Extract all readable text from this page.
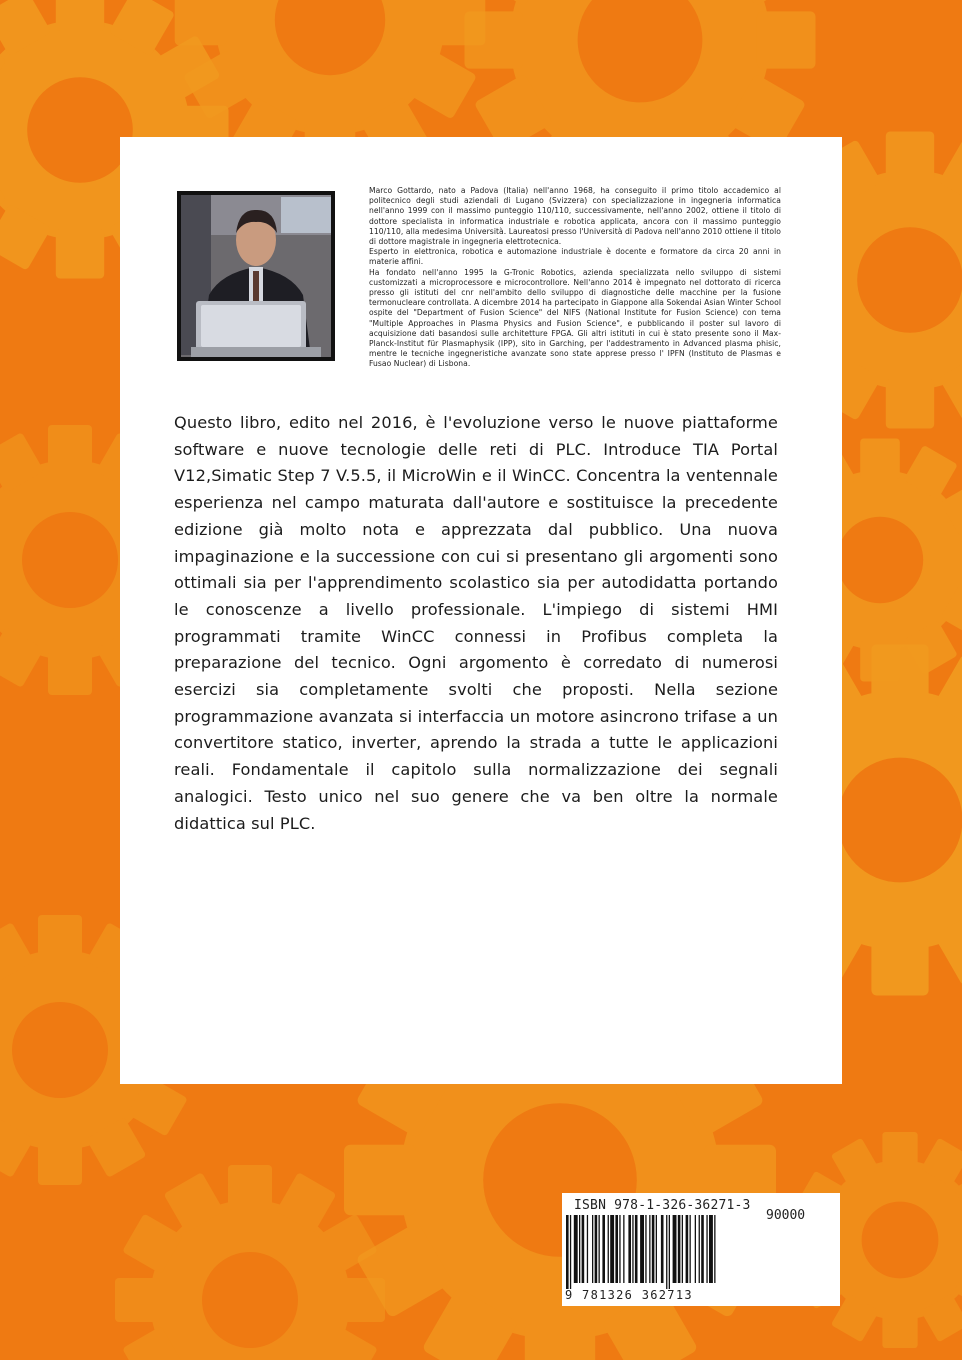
Marco Gottardo, nato a Padova (Italia) nell'anno 1968, ha conseguito il primo titolo accademico al politecnico degli studi aziendali di Lugano (Svizzera) con specializzazione in ingegneria informatica nell'anno 1999 con il massimo punteggio 110/110, successivamente, nell'anno 2002, ottiene il titolo di dottore specialista in informatica industriale e robotica applicata, ancora con il massimo punteggio 110/110, alla medesima Università. Laureatosi presso l'Università di Padova nell'anno 2010 ottiene il titolo di dottore magistrale in ingegneria elettrotecnica.

Esperto in elettronica, robotica e automazione industriale è docente e formatore da circa 20 anni in materie affini.

Ha fondato nell'anno 1995 la G-Tronic Robotics, azienda specializzata nello sviluppo di sistemi customizzati a microprocessore e microcontrollore. Nell'anno 2014 è impegnato nel dottorato di ricerca presso gli istituti del cnr nell'ambito dello sviluppo di diagnostiche delle macchine per la fusione termonucleare controllata. A dicembre 2014 ha partecipato in Giappone alla Sokendai Asian Winter School ospite del "Department of Fusion Science" del NIFS (National Institute for Fusion Science) con tema "Multiple Approaches in Plasma Physics and Fusion Science", e pubblicando il poster sul lavoro di acquisizione dati basandosi sulle architetture FPGA. Gli altri istituti in cui è stato presente sono il Max-Planck-Institut für Plasmaphysik (IPP), sito in Garching, per l'addestramento in Advanced plasma phisic, mentre le tecniche ingegneristiche avanzate sono state apprese presso l' IPFN (Instituto de Plasmas e Fusao Nuclear) di Lisbona.

Questo libro, edito nel 2016, è l'evoluzione verso le nuove piattaforme software e nuove tecnologie delle reti di PLC. Introduce TIA Portal V12,Simatic Step 7 V.5.5, il MicroWin e il WinCC. Concentra la ventennale esperienza nel campo maturata dall'autore e sostituisce la precedente edizione già molto nota e apprezzata dal pubblico. Una nuova impaginazione e la successione con cui si presentano gli argomenti sono ottimali sia per l'apprendimento scolastico sia per autodidatta portando le conoscenze a livello professionale. L'impiego di sistemi HMI programmati tramite WinCC connessi in Profibus completa la preparazione del tecnico. Ogni argomento è corredato di numerosi esercizi sia completamente svolti che proposti. Nella sezione programmazione avanzata si interfaccia un motore asincrono trifase a un convertitore statico, inverter, aprendo la strada a tutte le applicazioni reali. Fondamentale il capitolo sulla normalizzazione dei segnali analogici. Testo unico nel suo genere che va ben oltre la normale didattica sul PLC.

ISBN 978-1-326-36271-3
90000
9 781326 362713
